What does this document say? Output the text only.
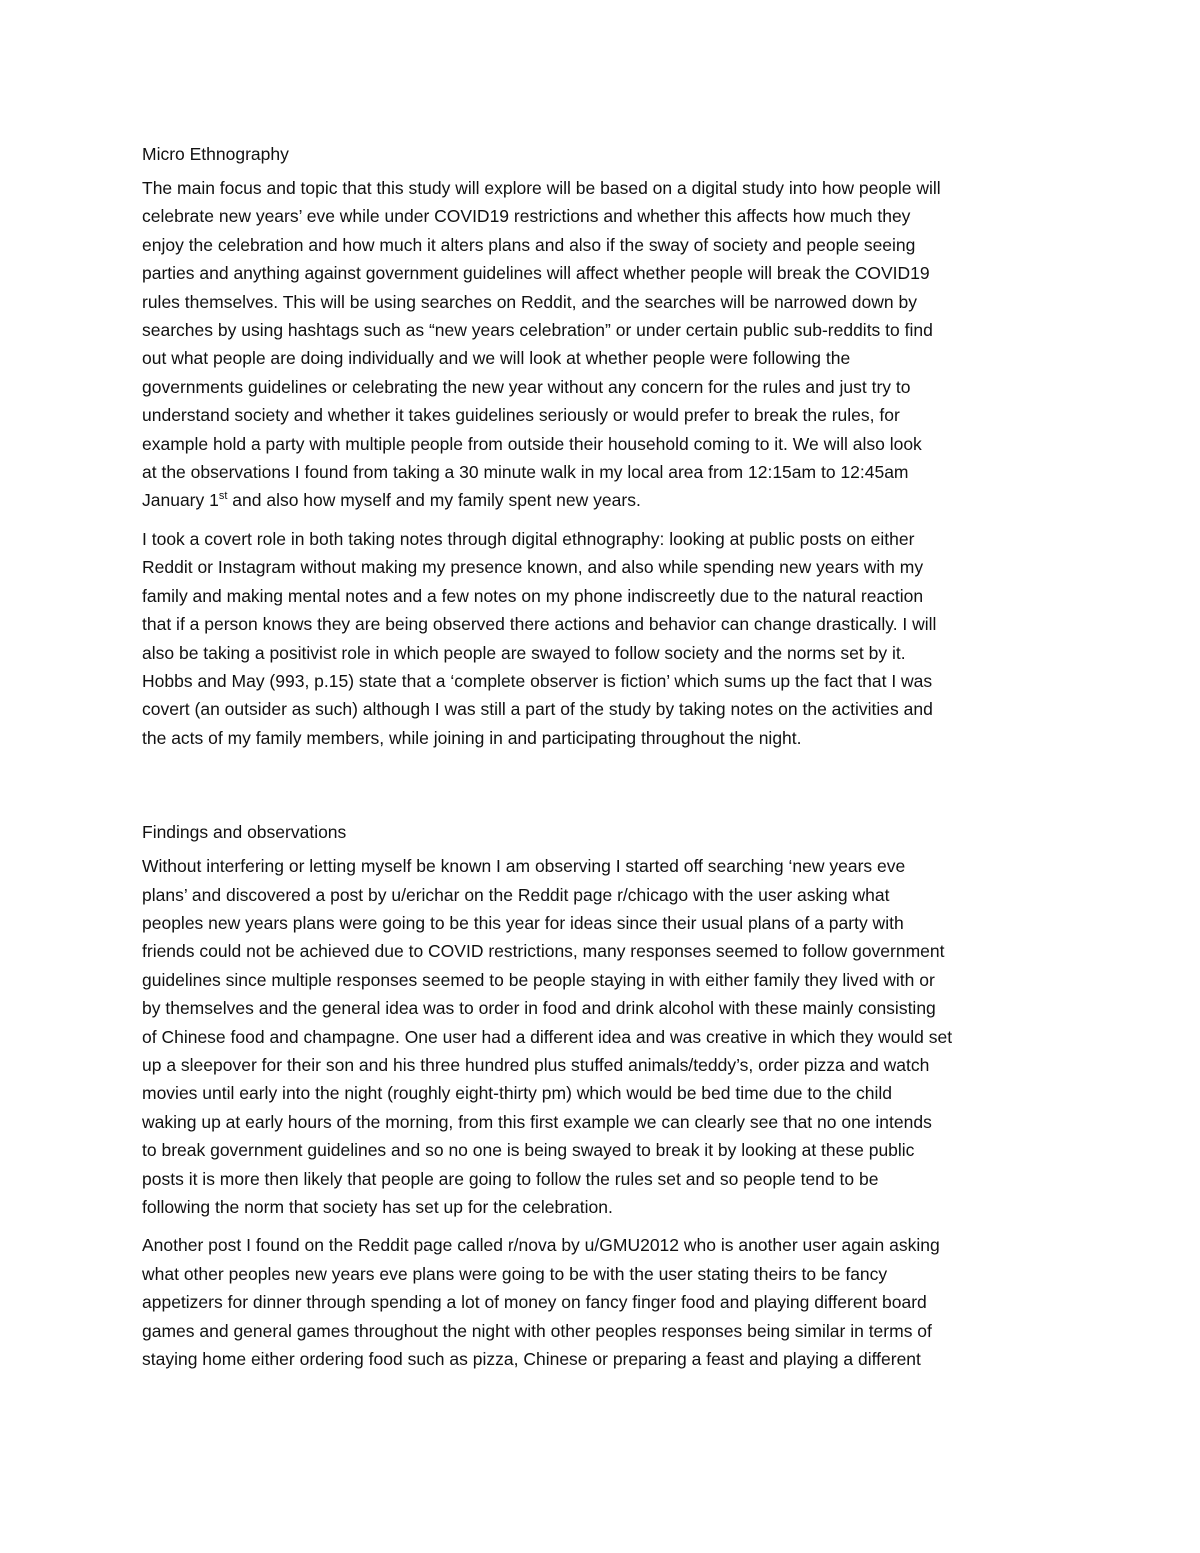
Micro Ethnography
The main focus and topic that this study will explore will be based on a digital study into how people will
celebrate new years’ eve while under COVID19 restrictions and whether this affects how much they
enjoy the celebration and how much it alters plans and also if the sway of society and people seeing
parties and anything against government guidelines will affect whether people will break the COVID19
rules themselves. This will be using searches on Reddit, and the searches will be narrowed down by
searches by using hashtags such as “new years celebration” or under certain public sub-reddits to find
out what people are doing individually and we will look at whether people were following the
governments guidelines or celebrating the new year without any concern for the rules and just try to
understand society and whether it takes guidelines seriously or would prefer to break the rules, for
example hold a party with multiple people from outside their household coming to it. We will also look
at the observations I found from taking a 30 minute walk in my local area from 12:15am to 12:45am
January 1st and also how myself and my family spent new years.
I took a covert role in both taking notes through digital ethnography: looking at public posts on either
Reddit or Instagram without making my presence known, and also while spending new years with my
family and making mental notes and a few notes on my phone indiscreetly due to the natural reaction
that if a person knows they are being observed there actions and behavior can change drastically. I will
also be taking a positivist role in which people are swayed to follow society and the norms set by it.
Hobbs and May (993, p.15) state that a ‘complete observer is fiction’ which sums up the fact that I was
covert (an outsider as such) although I was still a part of the study by taking notes on the activities and
the acts of my family members, while joining in and participating throughout the night.
Findings and observations
Without interfering or letting myself be known I am observing I started off searching ‘new years eve
plans’ and discovered a post by u/erichar on the Reddit page r/chicago with the user asking what
peoples new years plans were going to be this year for ideas since their usual plans of a party with
friends could not be achieved due to COVID restrictions, many responses seemed to follow government
guidelines since multiple responses seemed to be people staying in with either family they lived with or
by themselves and the general idea was to order in food and drink alcohol with these mainly consisting
of Chinese food and champagne. One user had a different idea and was creative in which they would set
up a sleepover for their son and his three hundred plus stuffed animals/teddy’s, order pizza and watch
movies until early into the night (roughly eight-thirty pm) which would be bed time due to the child
waking up at early hours of the morning, from this first example we can clearly see that no one intends
to break government guidelines and so no one is being swayed to break it by looking at these public
posts it is more then likely that people are going to follow the rules set and so people tend to be
following the norm that society has set up for the celebration.
Another post I found on the Reddit page called r/nova by u/GMU2012 who is another user again asking
what other peoples new years eve plans were going to be with the user stating theirs to be fancy
appetizers for dinner through spending a lot of money on fancy finger food and playing different board
games and general games throughout the night with other peoples responses being similar in terms of
staying home either ordering food such as pizza, Chinese or preparing a feast and playing a different
